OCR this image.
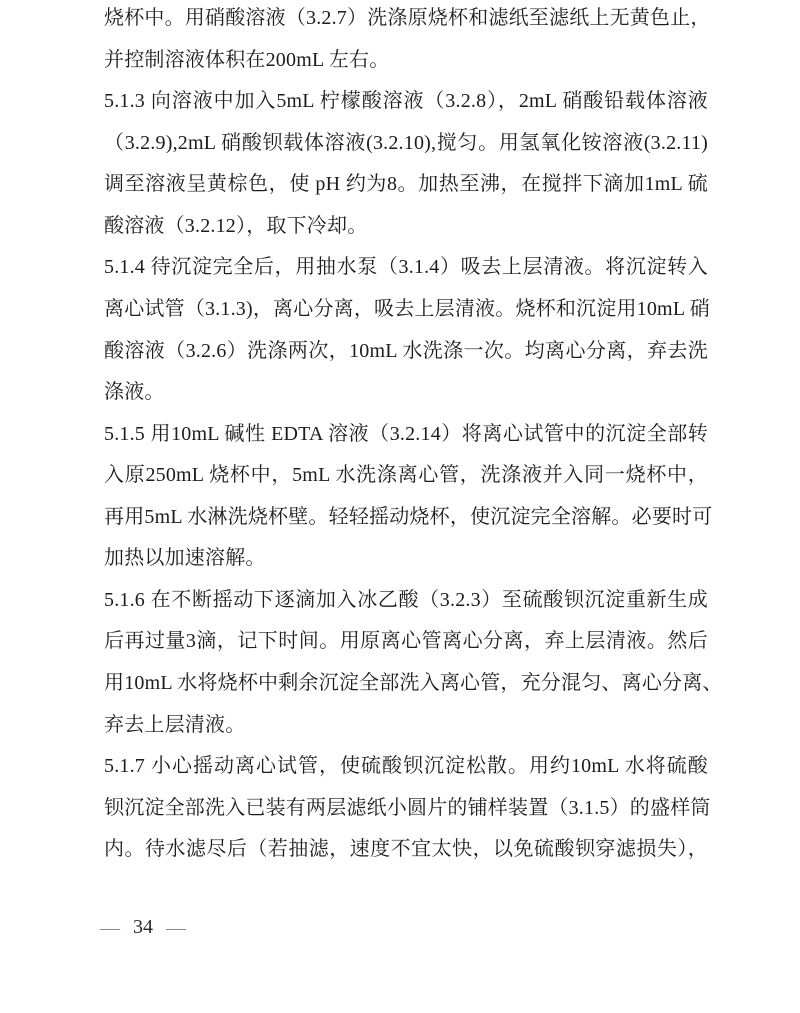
烧杯中。用硝酸溶液（3.2.7）洗涤原烧杯和滤纸至滤纸上无黄色止，
并控制溶液体积在200mL 左右。
5.1.3 向溶液中加入5mL 柠檬酸溶液（3.2.8），2mL 硝酸铅载体溶液
（3.2.9),2mL 硝酸钡载体溶液(3.2.10),搅匀。用氢氧化铵溶液(3.2.11)
调至溶液呈黄棕色，使 pH 约为8。加热至沸，在搅拌下滴加1mL 硫
酸溶液（3.2.12），取下冷却。
5.1.4 待沉淀完全后，用抽水泵（3.1.4）吸去上层清液。将沉淀转入
离心试管（3.1.3)，离心分离，吸去上层清液。烧杯和沉淀用10mL 硝
酸溶液（3.2.6）洗涤两次，10mL 水洗涤一次。均离心分离，弃去洗
涤液。
5.1.5 用10mL 碱性 EDTA 溶液（3.2.14）将离心试管中的沉淀全部转
入原250mL 烧杯中，5mL 水洗涤离心管，洗涤液并入同一烧杯中，
再用5mL 水淋洗烧杯壁。轻轻摇动烧杯，使沉淀完全溶解。必要时可
加热以加速溶解。
5.1.6 在不断摇动下逐滴加入冰乙酸（3.2.3）至硫酸钡沉淀重新生成
后再过量3滴，记下时间。用原离心管离心分离，弃上层清液。然后
用10mL 水将烧杯中剩余沉淀全部洗入离心管，充分混匀、离心分离、
弃去上层清液。
5.1.7 小心摇动离心试管，使硫酸钡沉淀松散。用约10mL 水将硫酸
钡沉淀全部洗入已装有两层滤纸小圆片的铺样装置（3.1.5）的盛样筒
内。待水滤尽后（若抽滤，速度不宜太快，以免硫酸钡穿滤损失），
— 34 —
